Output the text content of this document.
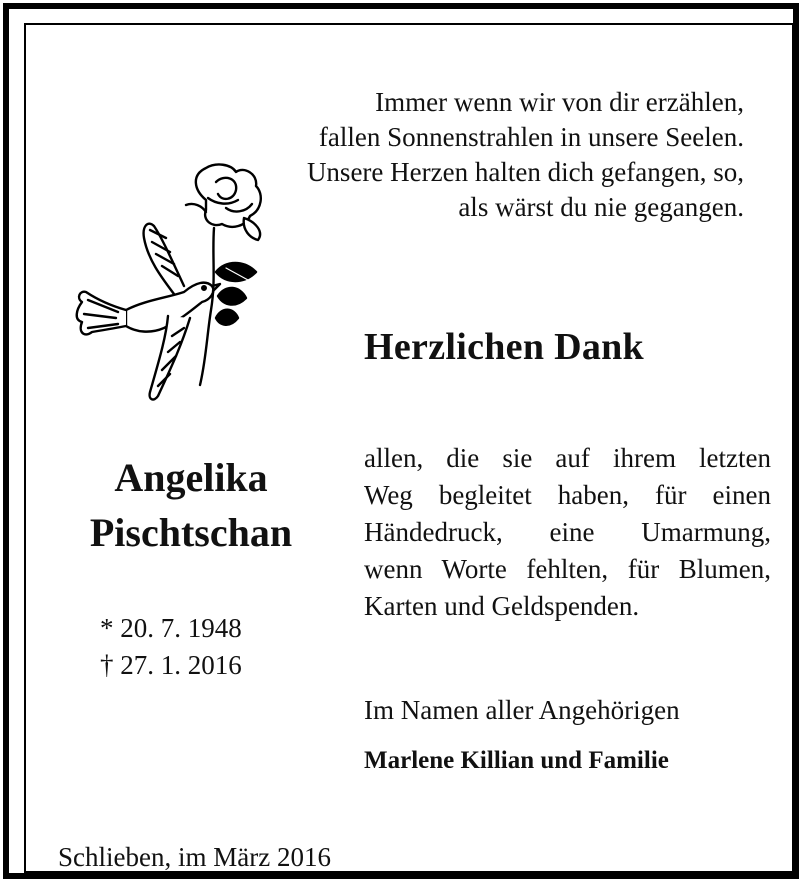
Immer wenn wir von dir erzählen,
fallen Sonnenstrahlen in unsere Seelen.
Unsere Herzen halten dich gefangen, so,
als wärst du nie gegangen.
Herzlichen Dank
allen, die sie auf ihrem letzten
Weg begleitet haben, für einen
Händedruck, eine Umarmung,
wenn Worte fehlten, für Blumen,
Karten und Geldspenden.
Angelika
Pischtschan
* 20. 7. 1948
† 27. 1. 2016
Im Namen aller Angehörigen
Marlene Killian und Familie
Schlieben, im März 2016
